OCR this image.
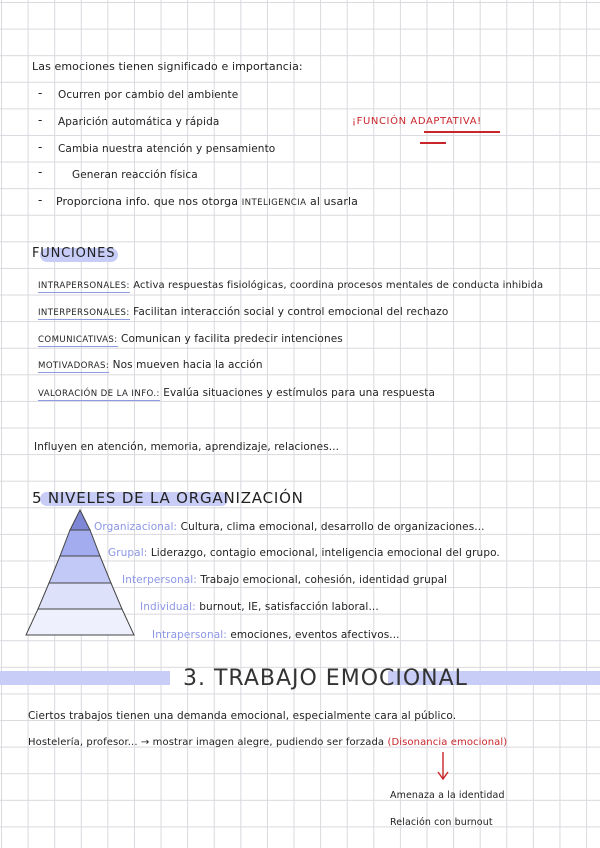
Las emociones tienen significado e importancia:
- Ocurren por cambio del ambiente
- Aparición automática y rápida
- Cambia nuestra atención y pensamiento
-	Generan reacción física
- Proporciona info. que nos otorga INTELIGENCIA al usarla
¡FUNCIÓN ADAPTATIVA!
FUNCIONES
INTRAPERSONALES: Activa respuestas fisiológicas, coordina procesos mentales de conducta inhibida
INTERPERSONALES: Facilitan interacción social y control emocional del rechazo
COMUNICATIVAS: Comunican y facilita predecir intenciones
MOTIVADORAS: Nos mueven hacia la acción
VALORACIÓN DE LA INFO.: Evalúa situaciones y estímulos para una respuesta
Influyen en atención, memoria, aprendizaje, relaciones...
5 NIVELES DE LA ORGANIZACIÓN
Organizacional: Cultura, clima emocional, desarrollo de organizaciones...
Grupal: Liderazgo, contagio emocional, inteligencia emocional del grupo.
Interpersonal: Trabajo emocional, cohesión, identidad grupal
Individual: burnout, IE, satisfacción laboral...
Intrapersonal: emociones, eventos afectivos...
3. TRABAJO EMOCIONAL
Ciertos trabajos tienen una demanda emocional, especialmente cara al público.
Hostelería, profesor... → mostrar imagen alegre, pudiendo ser forzada (Disonancia emocional)
Amenaza a la identidad
Relación con burnout
